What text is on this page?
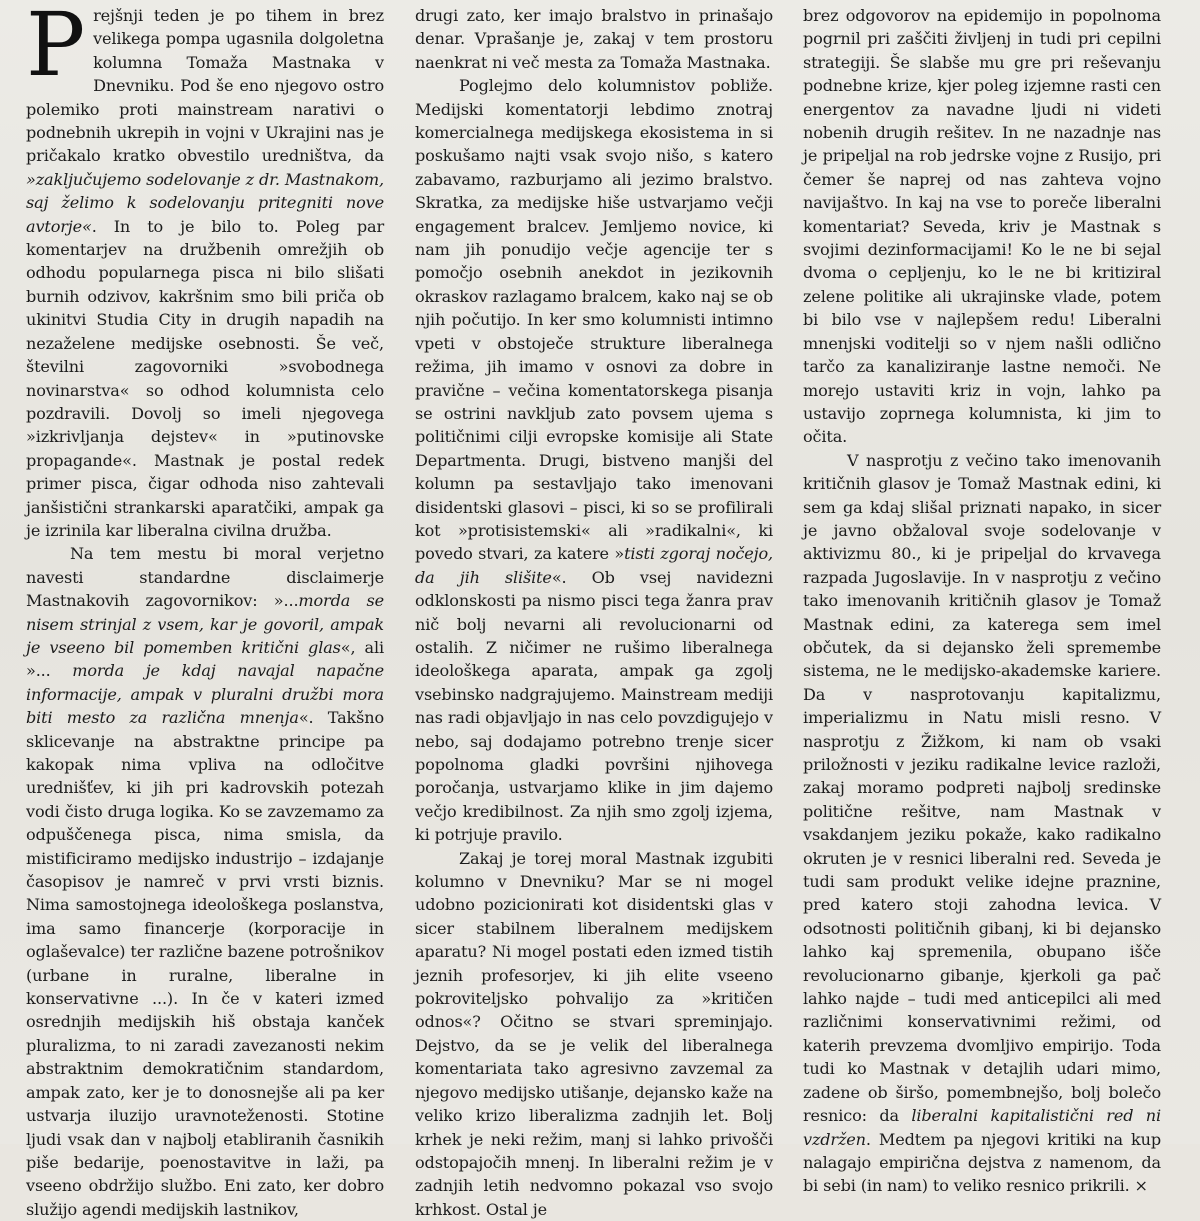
Prejšnji teden je po tihem in brez velikega pompa ugasnila dolgoletna kolumna Tomaža Mastnaka v Dnevniku. Pod še eno njegovo ostro polemiko proti mainstream narativi o podnebnih ukrepih in vojni v Ukrajini nas je pričakalo kratko obvestilo uredništva, da »zaključujemo sodelovanje z dr. Mastnakom, saj želimo k sodelovanju pritegniti nove avtorje«. In to je bilo to. Poleg par komentarjev na družbenih omrežjih ob odhodu popularnega pisca ni bilo slišati burnih odzivov, kakršnim smo bili priča ob ukinitvi Studia City in drugih napadih na nezaželene medijske osebnosti. Še več, številni zagovorniki »svobodnega novinarstva« so odhod kolumnista celo pozdravili. Dovolj so imeli njegovega »izkrivljanja dejstev« in »putinovske propagande«. Mastnak je postal redek primer pisca, čigar odhoda niso zahtevali janšistični strankarski aparatčiki, ampak ga je izrinila kar liberalna civilna družba.

Na tem mestu bi moral verjetno navesti standardne disclaimerje Mastnakovih zagovornikov: »...morda se nisem strinjal z vsem, kar je govoril, ampak je vseeno bil pomemben kritični glas«, ali »... morda je kdaj navajal napačne informacije, ampak v pluralni družbi mora biti mesto za različna mnenja«. Takšno sklicevanje na abstraktne principe pa kakopak nima vpliva na odločitve urednišťev, ki jih pri kadrovskih potezah vodi čisto druga logika. Ko se zavzemamo za odpuščenega pisca, nima smisla, da mistificiramo medijsko industrijo – izdajanje časopisov je namreč v prvi vrsti biznis. Nima samostojnega ideološkega poslanstva, ima samo financerje (korporacije in oglaševalce) ter različne bazene potrošnikov (urbane in ruralne, liberalne in konservativne ...). In če v kateri izmed osrednjih medijskih hiš obstaja kanček pluralizma, to ni zaradi zavezanosti nekim abstraktnim demokratičnim standardom, ampak zato, ker je to donosnejše ali pa ker ustvarja iluzijo uravnoteženosti. Stotine ljudi vsak dan v najbolj etabliranih časnikih piše bedarije, poenostavitve in laži, pa vseeno obdržijo službo. Eni zato, ker dobro služijo agendi medijskih lastnikov,

drugi zato, ker imajo bralstvo in prinašajo denar. Vprašanje je, zakaj v tem prostoru naenkrat ni več mesta za Tomaža Mastnaka.

Poglejmo delo kolumnistov pobliže. Medijski komentatorji lebdimo znotraj komercialnega medijskega ekosistema in si poskušamo najti vsak svojo nišo, s katero zabavamo, razburjamo ali jezimo bralstvo. Skratka, za medijske hiše ustvarjamo večji engagement bralcev. Jemljemo novice, ki nam jih ponudijo večje agencije ter s pomočjo osebnih anekdot in jezikovnih okraskov razlagamo bralcem, kako naj se ob njih počutijo. In ker smo kolumnisti intimno vpeti v obstoječe strukture liberalnega režima, jih imamo v osnovi za dobre in pravične – večina komentatorskega pisanja se ostrini navkljub zato povsem ujema s političnimi cilji evropske komisije ali State Departmenta. Drugi, bistveno manjši del kolumn pa sestavljajo tako imenovani disidentski glasovi – pisci, ki so se profilirali kot »protisistemski« ali »radikalni«, ki povedo stvari, za katere »tisti zgoraj nočejo, da jih slišite«. Ob vsej navidezni odklonskosti pa nismo pisci tega žanra prav nič bolj nevarni ali revolucionarni od ostalih. Z ničimer ne rušimo liberalnega ideološkega aparata, ampak ga zgolj vsebinsko nadgrajujemo. Mainstream mediji nas radi objavljajo in nas celo povzdigujejo v nebo, saj dodajamo potrebno trenje sicer popolnoma gladki površini njihovega poročanja, ustvarjamo klike in jim dajemo večjo kredibilnost. Za njih smo zgolj izjema, ki potrjuje pravilo.

Zakaj je torej moral Mastnak izgubiti kolumno v Dnevniku? Mar se ni mogel udobno pozicionirati kot disidentski glas v sicer stabilnem liberalnem medijskem aparatu? Ni mogel postati eden izmed tistih jeznih profesorjev, ki jih elite vseeno pokroviteljsko pohvalijo za »kritičen odnos«? Očitno se stvari spreminjajo. Dejstvo, da se je velik del liberalnega komentariata tako agresivno zavzemal za njegovo medijsko utišanje, dejansko kaže na veliko krizo liberalizma zadnjih let. Bolj krhek je neki režim, manj si lahko privošči odstopajočih mnenj. In liberalni režim je v zadnjih letih nedvomno pokazal vso svojo krhkost. Ostal je

brez odgovorov na epidemijo in popolnoma pogrnil pri zaščiti življenj in tudi pri cepilni strategiji. Še slabše mu gre pri reševanju podnebne krize, kjer poleg izjemne rasti cen energentov za navadne ljudi ni videti nobenih drugih rešitev. In ne nazadnje nas je pripeljal na rob jedrske vojne z Rusijo, pri čemer še naprej od nas zahteva vojno navijaštvo. In kaj na vse to poreče liberalni komentariat? Seveda, kriv je Mastnak s svojimi dezinformacijami! Ko le ne bi sejal dvoma o cepljenju, ko le ne bi kritiziral zelene politike ali ukrajinske vlade, potem bi bilo vse v najlepšem redu! Liberalni mnenjski voditelji so v njem našli odlično tarčo za kanaliziranje lastne nemoči. Ne morejo ustaviti kriz in vojn, lahko pa ustavijo zoprnega kolumnista, ki jim to očita.

V nasprotju z večino tako imenovanih kritičnih glasov je Tomaž Mastnak edini, ki sem ga kdaj slišal priznati napako, in sicer je javno obžaloval svoje sodelovanje v aktivizmu 80., ki je pripeljal do krvavega razpada Jugoslavije. In v nasprotju z večino tako imenovanih kritičnih glasov je Tomaž Mastnak edini, za katerega sem imel občutek, da si dejansko želi spremembe sistema, ne le medijsko-akademske kariere. Da v nasprotovanju kapitalizmu, imperializmu in Natu misli resno. V nasprotju z Žižkom, ki nam ob vsaki priložnosti v jeziku radikalne levice razloži, zakaj moramo podpreti najbolj sredinske politične rešitve, nam Mastnak v vsakdanjem jeziku pokaže, kako radikalno okruten je v resnici liberalni red. Seveda je tudi sam produkt velike idejne praznine, pred katero stoji zahodna levica. V odsotnosti političnih gibanj, ki bi dejansko lahko kaj spremenila, obupano išče revolucionarno gibanje, kjerkoli ga pač lahko najde – tudi med anticepilci ali med različnimi konservativnimi režimi, od katerih prevzema dvomljivo empirijo. Toda tudi ko Mastnak v detajlih udari mimo, zadene ob širšo, pomembnejšo, bolj bolečo resnico: da liberalni kapitalistični red ni vzdržen. Medtem pa njegovi kritiki na kup nalagajo empirična dejstva z namenom, da bi sebi (in nam) to veliko resnico prikrili. ×
